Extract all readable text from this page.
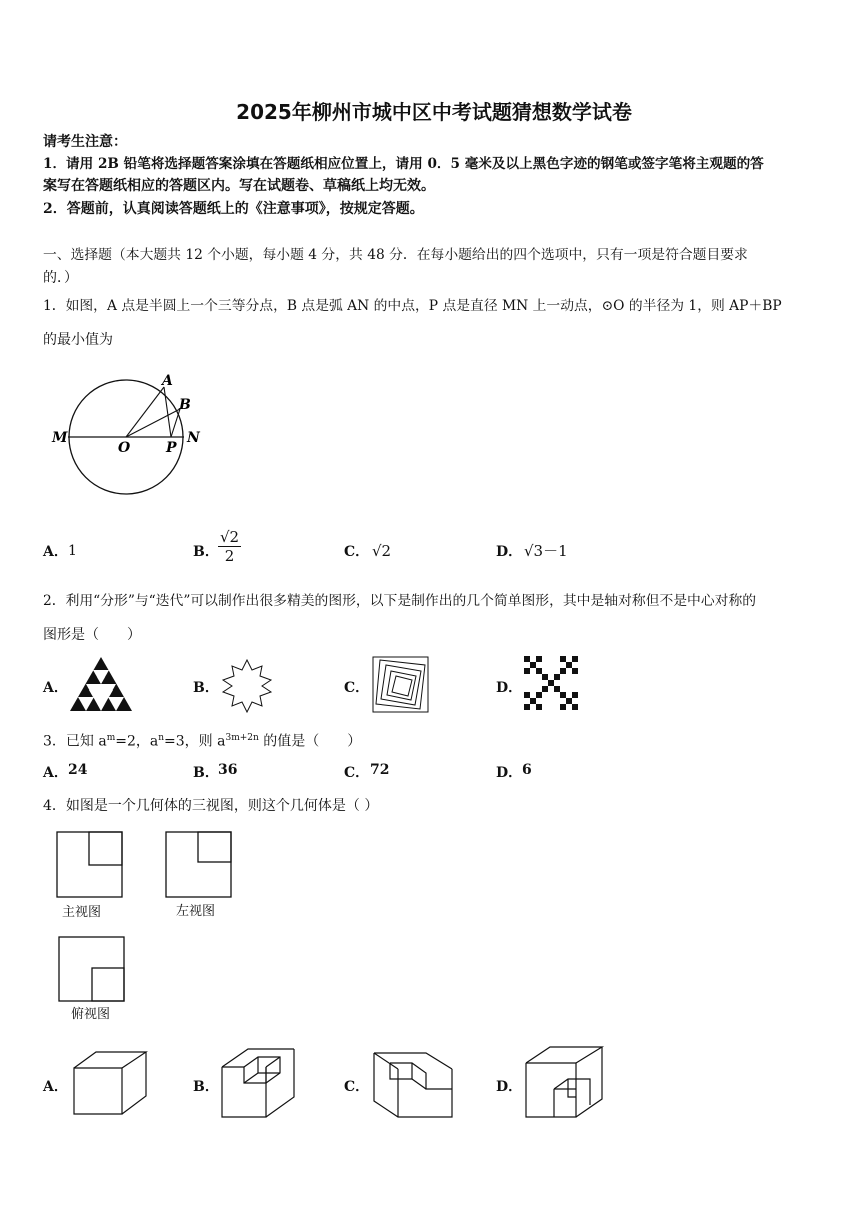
2025年柳州市城中区中考试题猜想数学试卷
请考生注意：
1．请用 2B 铅笔将选择题答案涂填在答题纸相应位置上，请用 0．5 毫米及以上黑色字迹的钢笔或签字笔将主观题的答
案写在答题纸相应的答题区内。写在试题卷、草稿纸上均无效。
2．答题前，认真阅读答题纸上的《注意事项》，按规定答题。
一、选择题（本大题共 12 个小题，每小题 4 分，共 48 分．在每小题给出的四个选项中，只有一项是符合题目要求
的．）
1．如图，A 点是半圆上一个三等分点，B 点是弧 AN 的中点，P 点是直径 MN 上一动点，⊙O 的半径为 1，则 AP＋BP
的最小值为
M
O	P
N
A
B
A． 1	B． $\frac{√2}{2}$	C． √2	D． √3－1
2．利用“分形”与“迭代”可以制作出很多精美的图形，以下是制作出的几个简单图形，其中是轴对称但不是中心对称的
图形是（　　）
A．	B．	C．	D．
3．已知 $a^m=2$，$a^n=3$，则 $a^{3m+2n}$ 的值是（　　）
A． 24	B． 36	C． 72	D． 6
4．如图是一个几何体的三视图，则这个几何体是（ ）
主视图	左视图
俯视图
A．	B．	C．	D．
